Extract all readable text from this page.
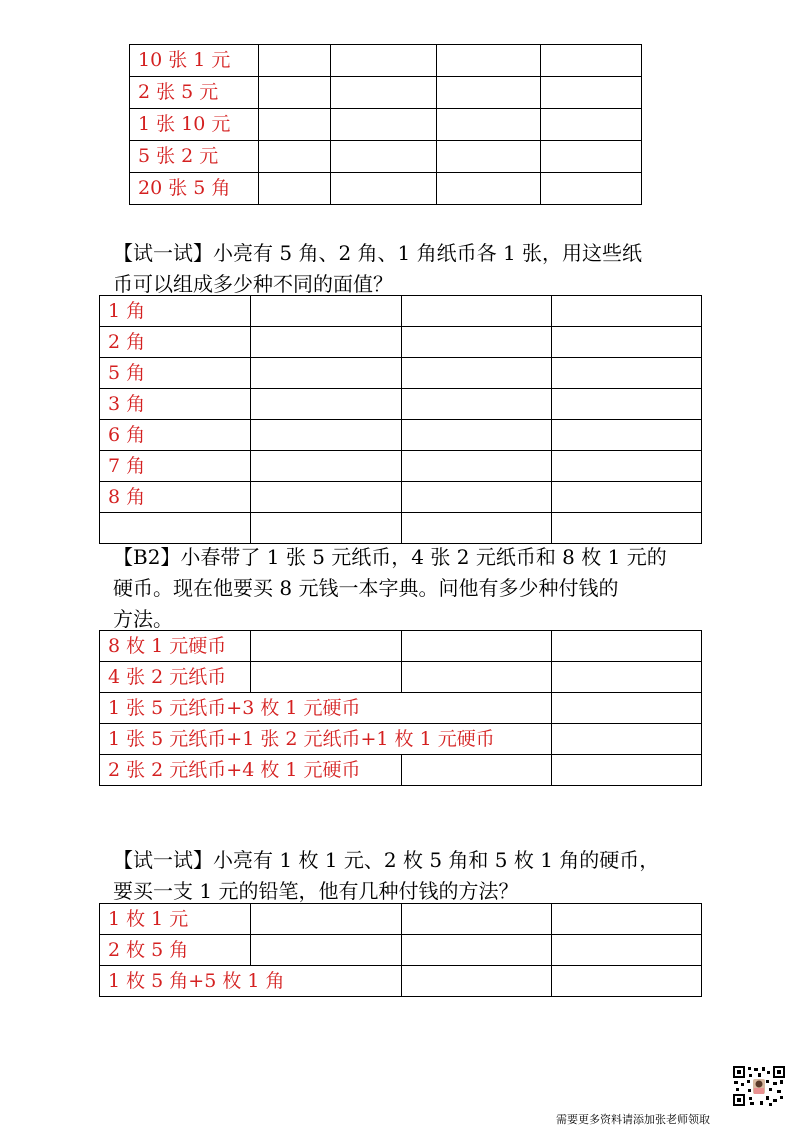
10 张 1 元				
2 张 5 元				
1 张 10 元				
5 张 2 元				
20 张 5 角				
【试一试】小亮有 5 角、2 角、1 角纸币各 1 张，用这些纸
币可以组成多少种不同的面值？
1 角			
2 角			
5 角			
3 角			
6 角			
7 角			
8 角			

【B2】小春带了 1 张 5 元纸币，4 张 2 元纸币和 8 枚 1 元的
硬币。现在他要买 8 元钱一本字典。问他有多少种付钱的
方法。
8 枚 1 元硬币			
4 张 2 元纸币			
1 张 5 元纸币+3 枚 1 元硬币			
1 张 5 元纸币+1 张 2 元纸币+1 枚 1 元硬币			
2 张 2 元纸币+4 枚 1 元硬币			
【试一试】小亮有 1 枚 1 元、2 枚 5 角和 5 枚 1 角的硬币，
要买一支 1 元的铅笔，他有几种付钱的方法？
1 枚 1 元			
2 枚 5 角			
1 枚 5 角+5 枚 1 角			
需要更多资料请添加张老师领取
